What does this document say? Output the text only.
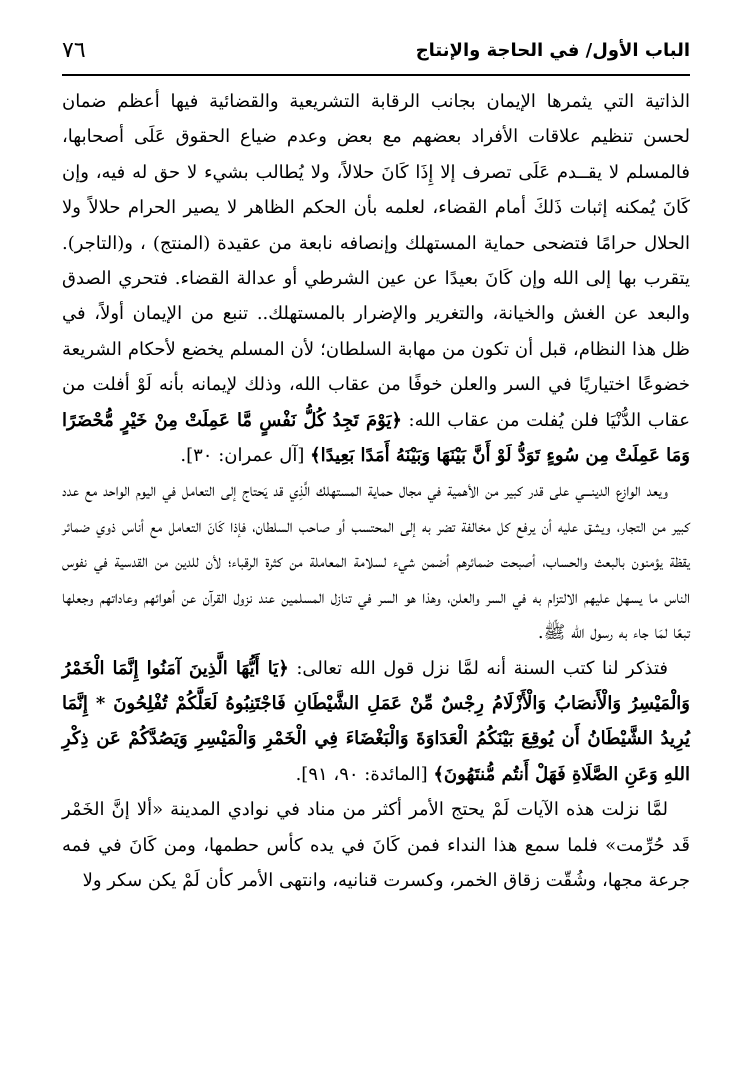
الباب الأول/ في الحاجة والإنتاج
٧٦

الذاتية التي يثمرها الإيمان بجانب الرقابة التشريعية والقضائية فيها أعظم ضمان لحسن تنظيم علاقات الأفراد بعضهم مع بعض وعدم ضياع الحقوق عَلَى أصحابها، فالمسلم لا يقــدم عَلَى تصرف إلا إِذَا كَانَ حلالاً، ولا يُطالب بشيء لا حق له فيه، وإن كَانَ يُمكنه إثبات ذَلكَ أمام القضاء، لعلمه بأن الحكم الظاهر لا يصير الحرام حلالاً ولا الحلال حرامًا فتضحى حماية المستهلك وإنصافه نابعة من عقيدة (المنتج) ، و(التاجر). يتقرب بها إلى الله وإن كَانَ بعيدًا عن عين الشرطي أو عدالة القضاء. فتحري الصدق والبعد عن الغش والخيانة، والتغرير والإضرار بالمستهلك.. تنبع من الإيمان أولاً، في ظل هذا النظام، قبل أن تكون من مهابة السلطان؛ لأن المسلم يخضع لأحكام الشريعة خضوعًا اختياريًا في السر والعلن خوفًا من عقاب الله، وذلك لإيمانه بأنه لَوْ أفلت من عقاب الدُّنْيَا فلن يُفلت من عقاب الله: ﴿يَوْمَ تَجِدُ كُلُّ نَفْسٍ مَّا عَمِلَتْ مِنْ خَيْرٍ مُّحْضَرًا وَمَا عَمِلَتْ مِن سُوءٍ تَوَدُّ لَوْ أَنَّ بَيْنَهَا وَبَيْنَهُ أَمَدًا بَعِيدًا﴾ [آل عمران: ٣٠].

ويعد الوازع الدينـــي على قدر كبير من الأهمية في مجال حماية المستهلك الَّذِي قد يَحتاج إلى التعامل في اليوم الواحد مع عدد كبير من التجار، ويشق عليه أن يرفع كل مخالفة تضر به إلى المحتسب أو صاحب السلطان، فإذا كَانَ التعامل مع أناس ذوي ضمائر يقظة يؤمنون بالبعث والحساب، أصبحت ضمائرهم أضمن شيء لسلامة المعاملة من كثرة الرقباء؛ لأن للدين من القدسية في نفوس الناس ما يسهل عليهم الالتزام به في السر والعلن، وهذا هو السر في تنازل المسلمين عند نزول القرآن عن أهوائهم وعاداتهم وجعلها تبعًا لمَا جاء به رسول الله ﷺ.

فتذكر لنا كتب السنة أنه لمَّا نزل قول الله تعالى: ﴿يَا أَيُّهَا الَّذِينَ آمَنُوا إِنَّمَا الْخَمْرُ وَالْمَيْسِرُ وَالْأَنصَابُ وَالْأَزْلَامُ رِجْسٌ مِّنْ عَمَلِ الشَّيْطَانِ فَاجْتَنِبُوهُ لَعَلَّكُمْ تُفْلِحُونَ * إِنَّمَا يُرِيدُ الشَّيْطَانُ أَن يُوقِعَ بَيْنَكُمُ الْعَدَاوَةَ وَالْبَغْضَاءَ فِي الْخَمْرِ وَالْمَيْسِرِ وَيَصُدَّكُمْ عَن ذِكْرِ اللهِ وَعَنِ الصَّلَاةِ فَهَلْ أَنتُم مُّنتَهُونَ﴾ [المائدة: ٩٠، ٩١].

لمَّا نزلت هذه الآيات لَمْ يحتج الأمر أكثر من مناد في نوادي المدينة «ألا إنَّ الخَمْر قَد حُرِّمت» فلما سمع هذا النداء فمن كَانَ في يده كأس حطمها، ومن كَانَ في فمه جرعة مجها، وشُقّت زقاق الخمر، وكسرت قنانيه، وانتهى الأمر كأن لَمْ يكن سكر ولا
